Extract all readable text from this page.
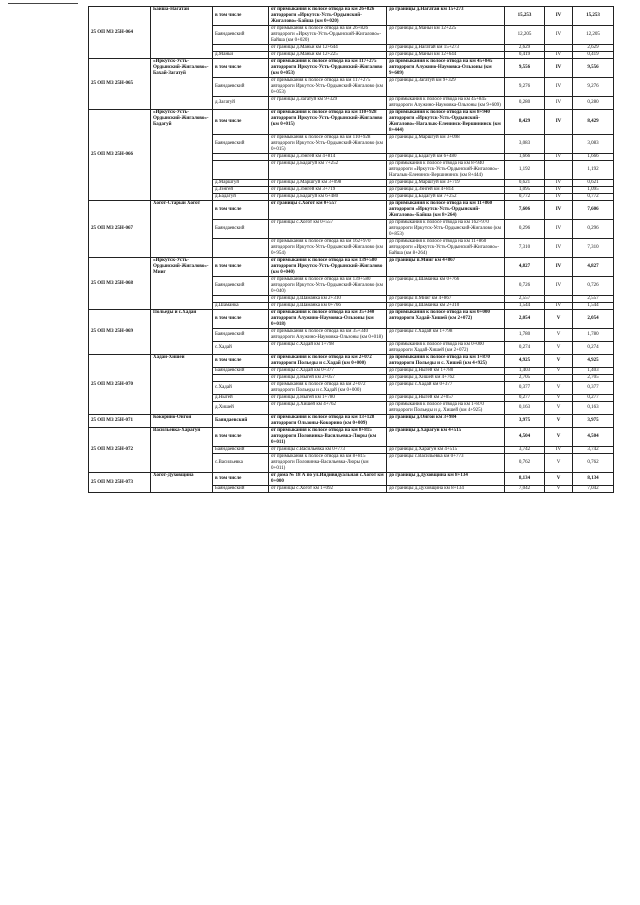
25 ОП МЗ 25Н-064	Байша-Нагатай	в том числе	от примыкания к полосе отвода на км 26+826 автодороги «Иркутск-Усть-Ордынский-Жигалово»-Байша (км 0+020)	до границы д.Нагатай км 15+273	15,253	IV	15,253
		Баяндаевский	от примыкания к полосе отвода на км 26+826 автодороги «Иркутск-Усть-Ордынский-Жигалово»-Байша (км 0+020)	до границы д.Маньи км 12+225	12,205	IV	12,205
			от границы д.Маньи км 12+644	до границы д.Нагатай км 15+273	2,629		2,629
		д.Маньи	от границы д.Маньи км 12+225	до границы д.Маньи км 12+644	0,419	IV	0,419
25 ОП МЗ 25Н-065	«Иркутск-Усть-Ордынский-Жигалово»-Бахай-Загатуй	в том числе	от примыкания к полосе отвода на км 117+275 автодороги Иркутск-Усть-Ордынский-Жигалово (км 0+053)	до примыкания к полосе отвода на км 45+845 автодороги Алужино-Наумовка-Ользоны (км 9+609)	9,556	IV	9,556
		Баяндаевский	от примыкания к полосе отвода на км 117+275 автодороги Иркутск-Усть-Ордынский-Жигалово (км 0+053)	до границы д.Загатуй км 9+329	9,276	IV	9,276
		д.Загатуй	от границы д.Загатуй км 9+329	до примыкания к полосе отвода на км 45+845 автодороги Алужино-Наумовка-Ользоны (км 9+609)	0,280	IV	0,280
25 ОП МЗ 25Н-066	«Иркутск-Усть-Ордынский-Жигалово»-Бадагуй	в том числе	от примыкания к полосе отвода на км 110+928 автодороги Иркутск-Усть-Ордынский-Жигалово (км 0+015)	до примыкания к полосе отвода на км 8+940 автодороги «Иркутск-Усть-Ордынский-Жигалово»-Нагалык-Еленинск-Вершининск (км 8+444)	8,429	IV	8,429
		Баяндаевский	от примыкания к полосе отвода на км 110+928 автодороги Иркутск-Усть-Ордынский-Жигалово (км 0+015)	до границы д.Маршгуй км 3+098	3,083		3,083
			от границы д.Зэнгей км 4+814	до границы д.Бадагуй км 6+480	1,666	IV	1,666
			от границы д.Бадагуй км 7+252	до примыкания к полосе отвода на км 8+940 автодороги «Иркутск-Усть-Ордынский-Жигалово»-Нагалык-Еленинск-Вершининск (км 8+444)	1,192		1,192
		д.Маршгуй	от границы д.Маршгуй км 3+098	до границы д.Маршгуй км 3+719	0,621	IV	0,621
		д.Зэнгей	от границы д.Зэнгей км 3+719	до границы д.Зэнгей км 4+814	1,095	IV	1,095
		д.Бадагуй	от границы д.Бадагуй км 6+480	до границы д.Бадагуй км 7+252	0,772	IV	0,772
25 ОП МЗ 25Н-067	Хогот-Старый Хогот	в том числе	от границы с.Хогот км 0+557	до примыкания к полосе отвода на км 11+860 автодороги «Иркутск-Усть-Ордынский-Жигалово»-Байша (км 8+264)	7,606	IV	7,606
		Баяндаевский	от границы с.Хогот км 0+557	до примыкания к полосе отвода на км 162+970 автодороги Иркутск-Усть-Ордынский-Жигалово (км 0+853)	0,296	IV	0,296
			от примыкания к полосе отвода на км 162+970 автодороги Иркутск-Усть-Ордынский-Жигалово (км 0+954)	до примыкания к полосе отвода на км 11+860 автодороги «Иркутск-Усть-Ордынский-Жигалово»-Байша (км 8+264)	7,310	IV	7,310
25 ОП МЗ 25Н-068	«Иркутск-Усть-Ордынский-Жигалово»-Мииг	в том числе	от примыкания к полосе отвода на км 139+580 автодороги Иркутск-Усть-Ордынский-Жигалово (км 0+040)	до границы п.Мииг км 4+867	4,827	IV	4,827
		Баяндаевский	от примыкания к полосе отвода на км 139+580 автодороги Иркутск-Усть-Ордынский-Жигалово (км 0+040)	до границы д.Шаманка км 0+766	0,726	IV	0,726
			от границы д.Шаманка км 2+310	до границы п.Мииг км 4+867	2,557		2,557
		д.Шаманка	от границы д.Шаманка км 0+766	до границы д.Шаманка км 2+310	1,544	IV	1,544
25 ОП МЗ 25Н-069	Польеды и с.Хадай	в том числе	от примыкания к полосе отвода на км 35+340 автодороги Алужино-Наумовка-Ользоны (км 0+018)	до примыкания к полосе отвода на км 0+000 автодороги Хадай-Хишей (км 2+072)	2,054	V	2,054
		Баяндаевский	от примыкания к полосе отвода на км 35+340 автодороги Алужино-Наумовка-Ользоны (км 0+018)	до границы с.Хадай км 1+798	1,780	V	1,780
		с.Хадай	от границы с.Хадай км 1+798	до примыкания к полосе отвода на км 0+000 автодороги Хадай-Хишей (км 2+072)	0,274	V	0,274
25 ОП МЗ 25Н-070	Хадай-Хишей	в том числе	от примыкания к полосе отвода на км 2+072 автодороги Польеды и с.Хадай (км 0+000)	до примыкания к полосе отвода на км 1+870 автодороги Польеды и с. Хишей (км 4+925)	4,925	V	4,925
		Баяндаевский	от границы с.Хадай км 0+377	до границы д.Ныгей км 1+780	1,403	V	1,403
			от границы д.Ныгей км 2+057	до границы д.Хишей км 4+762	2,705		2,705
		с.Хадай	от примыкания к полосе отвода на км 2+072 автодороги Польеды и с.Хадай (км 0+000)	до границы с.Хадай км 0+377	0,377	V	0,377
		д.Ныгей	от границы д.Ныгей км 1+780	до границы д.Ныгей км 2+057	0,277	V	0,277
		д.Хишей	от границы д.Хишей км 4+762	до примыкания к полосе отвода на км 1+870 автодороги Польеды и д. Хишей (км 4+925)	0,163	V	0,163
25 ОП МЗ 25Н-071	Кокорино-Онгой	Баяндаевский	от примыкания к полосе отвода на км 13+128 автодороги Ользоны-Кокорино (км 0+009)	до границы д.Онгой км 3+984	3,975	V	3,975
25 ОП МЗ 25Н-072	Васильевка-Харагун	в том числе	от примыкания к полосе отвода на км 8+815 автодороги Половинка-Васильевка-Люры (км 0+011)	до границы д.Харагун км 4+515	4,504	V	4,504
		Баяндаевский	от границы с.Васильевка км 0+773	до границы д.Харагун км 4+515	3,742	IV	3,742
		с.Васильевка	от примыкания к полосе отвода на км 8+815 автодороги Половинка-Васильевка-Люры (км 0+011)	до границы с.Васильевка км 0+773	0,762	V	0,762
25 ОП МЗ 25Н-073	Хогот-Духовщина	в том числе	от дома № 18 А по ул.Индивидуальная с.Хогот км 0+000	до границы д.Духовщина км 8+134	8,134	V	8,134
		Баяндаевский	от границы с.Хогот км 1+092	до границы д.Духовщина км 8+134	7,042	V	7,042
